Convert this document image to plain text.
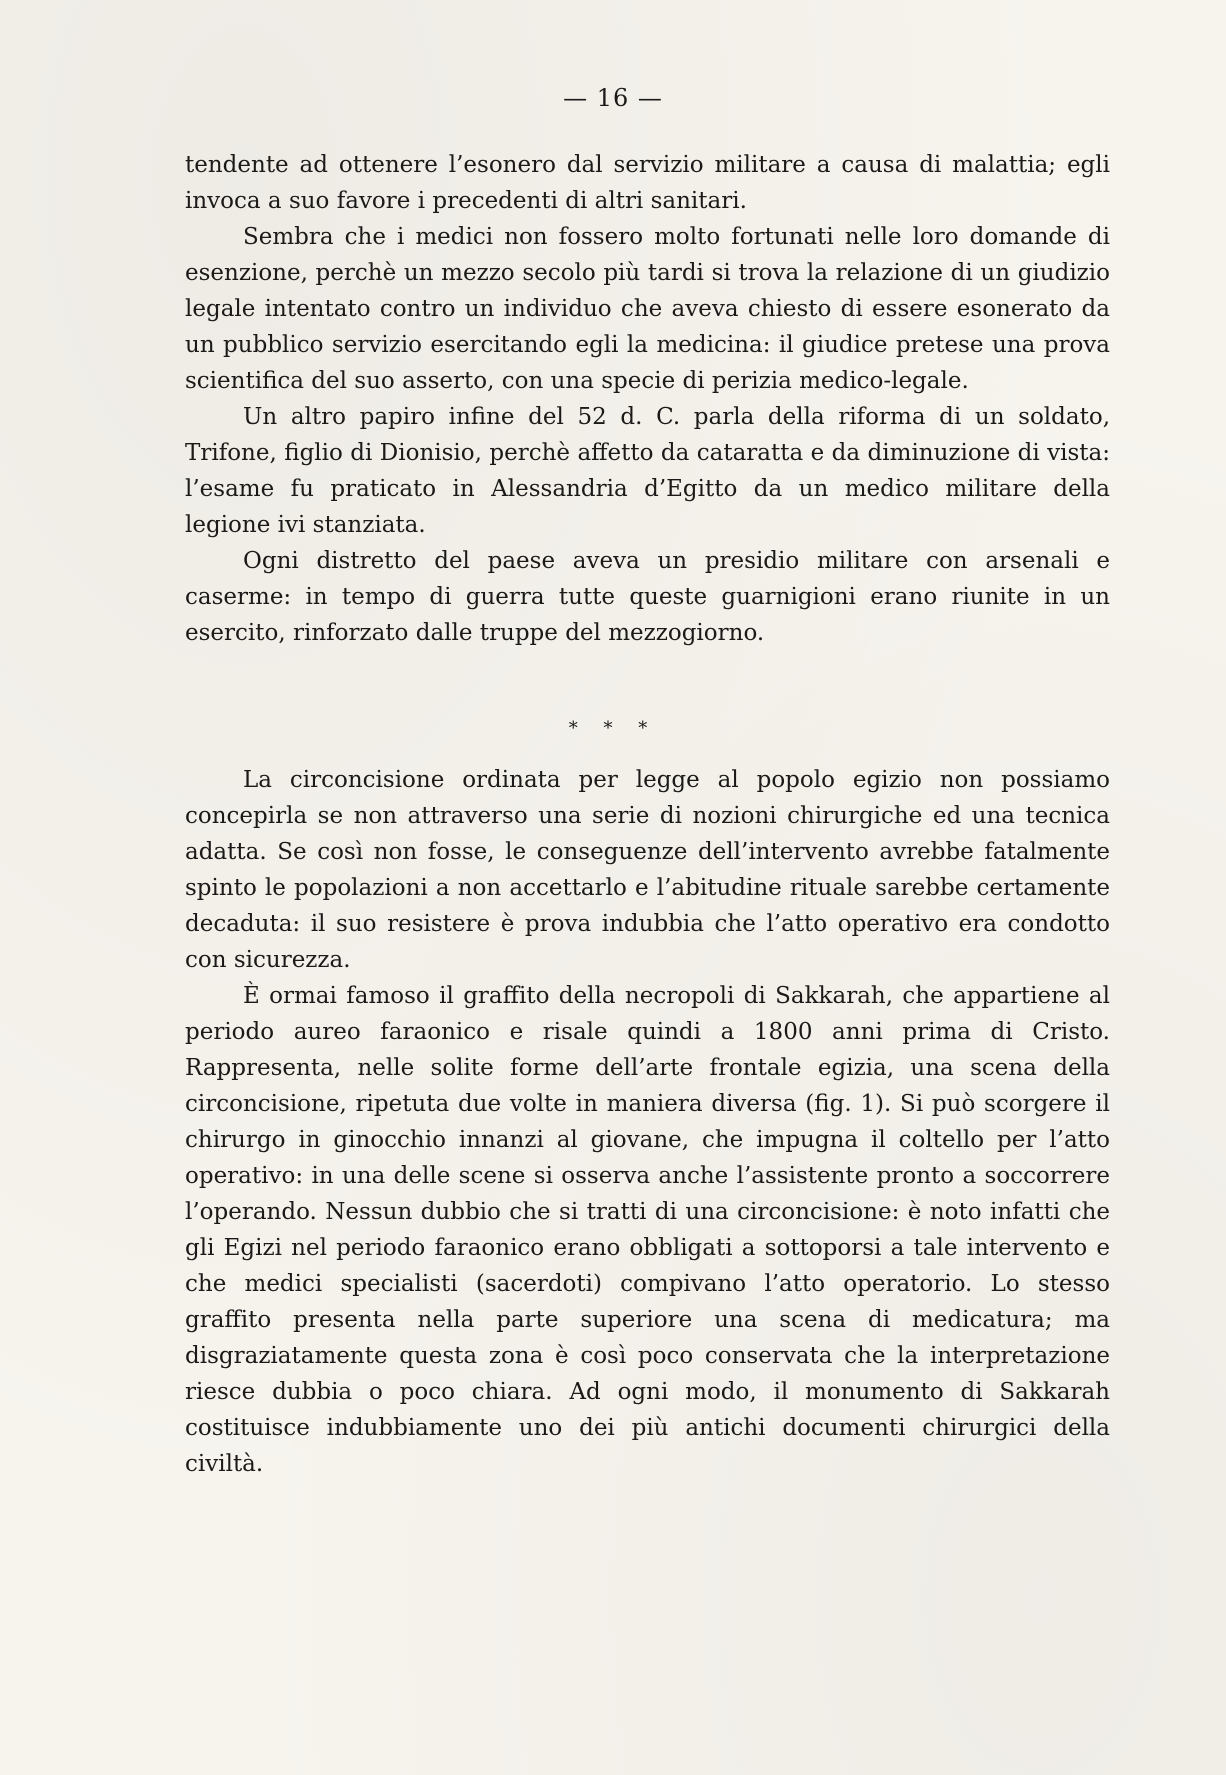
— 16 —

tendente ad ottenere l’esonero dal servizio militare a causa di malattia; egli invoca a suo favore i precedenti di altri sanitari.

Sembra che i medici non fossero molto fortunati nelle loro domande di esenzione, perchè un mezzo secolo più tardi si trova la relazione di un giudizio legale intentato contro un individuo che aveva chiesto di essere esonerato da un pubblico servizio esercitando egli la medicina: il giudice pretese una prova scientifica del suo asserto, con una specie di perizia medico-legale.

Un altro papiro infine del 52 d. C. parla della riforma di un soldato, Trifone, figlio di Dionisio, perchè affetto da cataratta e da diminuzione di vista: l’esame fu praticato in Alessandria d’Egitto da un medico militare della legione ivi stanziata.

Ogni distretto del paese aveva un presidio militare con arsenali e caserme: in tempo di guerra tutte queste guarnigioni erano riunite in un esercito, rinforzato dalle truppe del mezzogiorno.

* * *

La circoncisione ordinata per legge al popolo egizio non possiamo concepirla se non attraverso una serie di nozioni chirurgiche ed una tecnica adatta. Se così non fosse, le conseguenze dell’intervento avrebbe fatalmente spinto le popolazioni a non accettarlo e l’abitudine rituale sarebbe certamente decaduta: il suo resistere è prova indubbia che l’atto operativo era condotto con sicurezza.

È ormai famoso il graffito della necropoli di Sakkarah, che appartiene al periodo aureo faraonico e risale quindi a 1800 anni prima di Cristo. Rappresenta, nelle solite forme dell’arte frontale egizia, una scena della circoncisione, ripetuta due volte in maniera diversa (fig. 1). Si può scorgere il chirurgo in ginocchio innanzi al giovane, che impugna il coltello per l’atto operativo: in una delle scene si osserva anche l’assistente pronto a soccorrere l’operando. Nessun dubbio che si tratti di una circoncisione: è noto infatti che gli Egizi nel periodo faraonico erano obbligati a sottoporsi a tale intervento e che medici specialisti (sacerdoti) compivano l’atto operatorio. Lo stesso graffito presenta nella parte superiore una scena di medicatura; ma disgraziatamente questa zona è così poco conservata che la interpretazione riesce dubbia o poco chiara. Ad ogni modo, il monumento di Sakkarah costituisce indubbiamente uno dei più antichi documenti chirurgici della civiltà.
